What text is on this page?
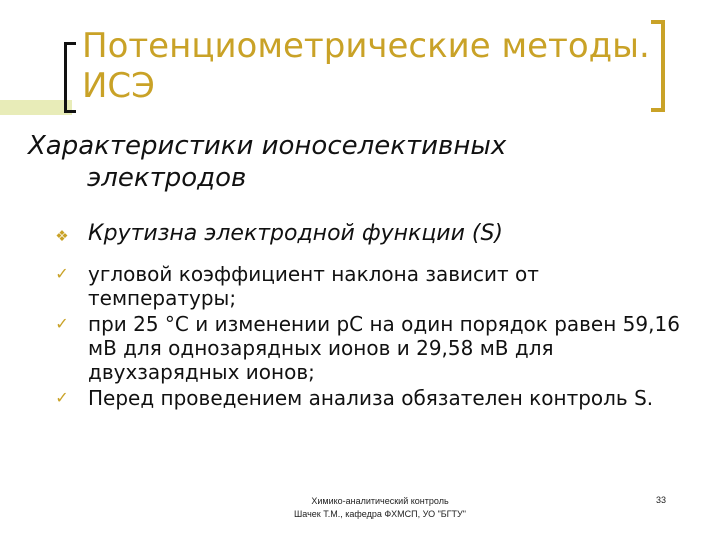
Потенциометрические методы.
ИСЭ
Характеристики ионоселективных
электродов
❖ Крутизна электродной функции (S)
✓ угловой коэффициент наклона зависит от температуры;
✓ при 25 °С и изменении рС на один порядок равен 59,16 мВ для однозарядных ионов и 29,58 мВ для двухзарядных ионов;
✓ Перед проведением анализа обязателен контроль S.
Химико-аналитический контроль
Шачек Т.М., кафедра ФХМСП, УО "БГТУ"
33
